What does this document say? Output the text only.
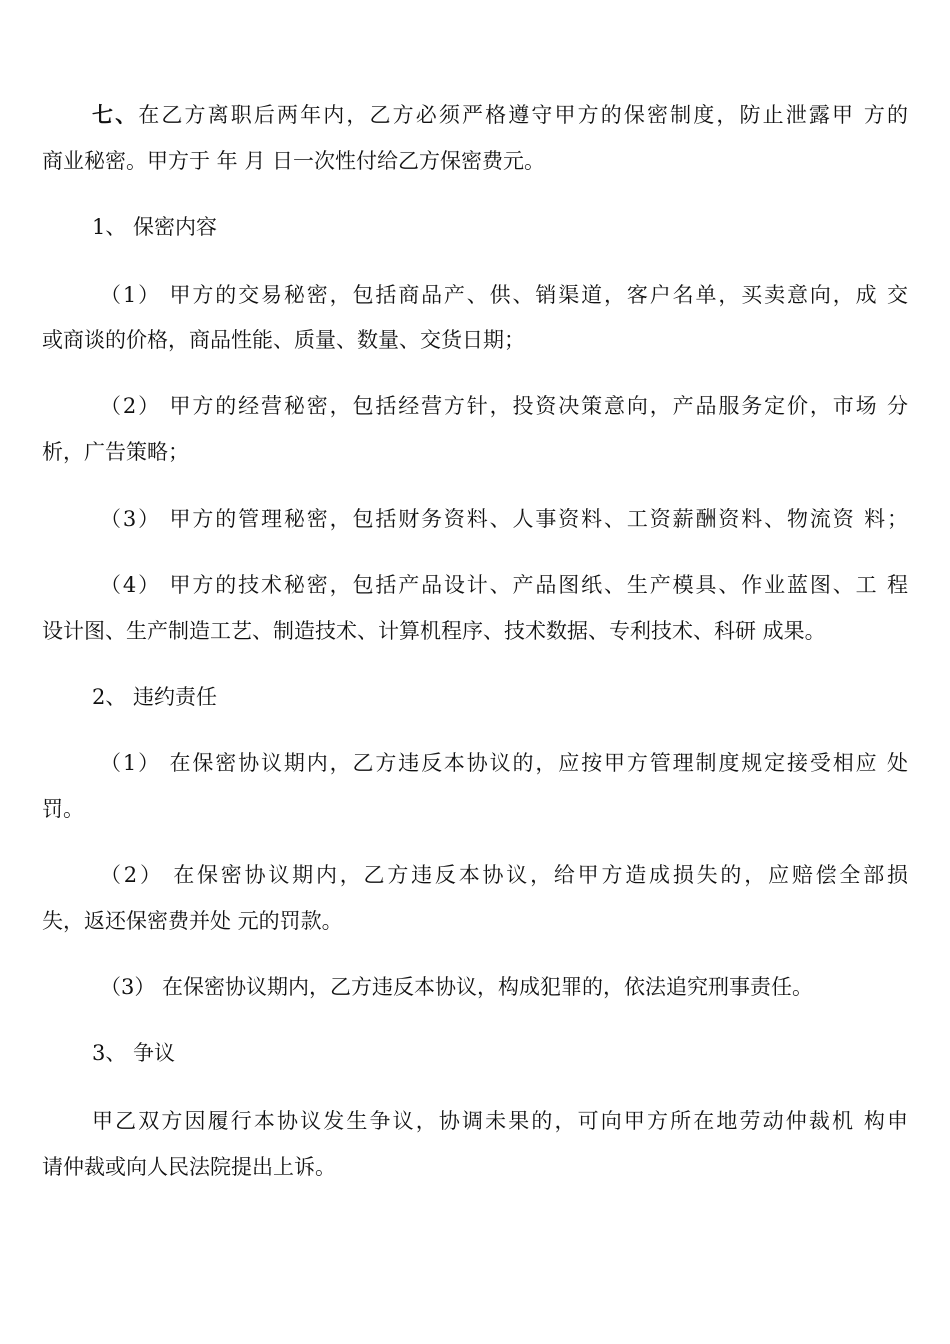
七、在乙方离职后两年内，乙方必须严格遵守甲方的保密制度，防止泄露甲 方的
商业秘密。甲方于 年 月 日一次性付给乙方保密费元。
1、 保密内容
（1） 甲方的交易秘密，包括商品产、供、销渠道，客户名单，买卖意向，成 交
或商谈的价格，商品性能、质量、数量、交货日期；
（2） 甲方的经营秘密，包括经营方针，投资决策意向，产品服务定价，市场 分
析，广告策略；
（3） 甲方的管理秘密，包括财务资料、人事资料、工资薪酬资料、物流资 料；
（4） 甲方的技术秘密，包括产品设计、产品图纸、生产模具、作业蓝图、工 程
设计图、生产制造工艺、制造技术、计算机程序、技术数据、专利技术、科研 成果。
2、 违约责任
（1） 在保密协议期内，乙方违反本协议的，应按甲方管理制度规定接受相应 处
罚。
（2） 在保密协议期内，乙方违反本协议，给甲方造成损失的，应赔偿全部损
失，返还保密费并处 元的罚款。
（3） 在保密协议期内，乙方违反本协议，构成犯罪的，依法追究刑事责任。
3、 争议
甲乙双方因履行本协议发生争议，协调未果的，可向甲方所在地劳动仲裁机 构申
请仲裁或向人民法院提出上诉。
